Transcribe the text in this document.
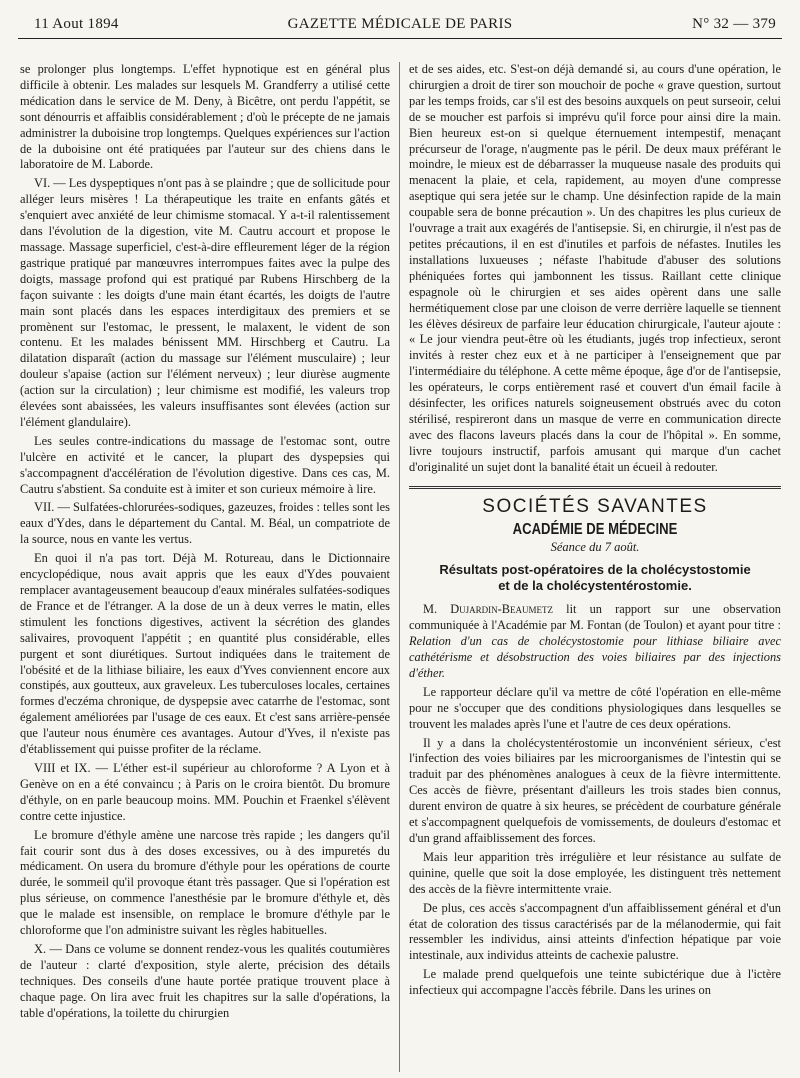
11 Aout 1894	GAZETTE MÉDICALE DE PARIS	N° 32 — 379

se prolonger plus longtemps. L'effet hypnotique est en général plus difficile à obtenir. Les malades sur lesquels M. Grandferry a utilisé cette médication dans le service de M. Deny, à Bicêtre, ont perdu l'appétit, se sont dénourris et affaiblis considérablement ; d'où le précepte de ne jamais administrer la duboisine trop longtemps. Quelques expériences sur l'action de la duboisine ont été pratiquées par l'auteur sur des chiens dans le laboratoire de M. Laborde.

VI. — Les dyspeptiques n'ont pas à se plaindre ; que de sollicitude pour alléger leurs misères ! La thérapeutique les traite en enfants gâtés et s'enquiert avec anxiété de leur chimisme stomacal. Y a-t-il ralentissement dans l'évolution de la digestion, vite M. Cautru accourt et propose le massage. Massage superficiel, c'est-à-dire effleurement léger de la région gastrique pratiqué par manœuvres interrompues faites avec la pulpe des doigts, massage profond qui est pratiqué par Rubens Hirschberg de la façon suivante : les doigts d'une main étant écartés, les doigts de l'autre main sont placés dans les espaces interdigitaux des premiers et se promènent sur l'estomac, le pressent, le malaxent, le vident de son contenu. Et les malades bénissent MM. Hirschberg et Cautru. La dilatation disparaît (action du massage sur l'élément musculaire) ; leur douleur s'apaise (action sur l'élément nerveux) ; leur diurèse augmente (action sur la circulation) ; leur chimisme est modifié, les valeurs trop élevées sont abaissées, les valeurs insuffisantes sont élevées (action sur l'élément glandulaire).

Les seules contre-indications du massage de l'estomac sont, outre l'ulcère en activité et le cancer, la plupart des dyspepsies qui s'accompagnent d'accélération de l'évolution digestive. Dans ces cas, M. Cautru s'abstient. Sa conduite est à imiter et son curieux mémoire à lire.

VII. — Sulfatées-chlorurées-sodiques, gazeuzes, froides : telles sont les eaux d'Ydes, dans le département du Cantal. M. Béal, un compatriote de la source, nous en vante les vertus.

En quoi il n'a pas tort. Déjà M. Rotureau, dans le Dictionnaire encyclopédique, nous avait appris que les eaux d'Ydes pouvaient remplacer avantageusement beaucoup d'eaux minérales sulfatées-sodiques de France et de l'étranger. A la dose de un à deux verres le matin, elles stimulent les fonctions digestives, activent la sécrétion des glandes salivaires, provoquent l'appétit ; en quantité plus considérable, elles purgent et sont diurétiques. Surtout indiquées dans le traitement de l'obésité et de la lithiase biliaire, les eaux d'Yves conviennent encore aux constipés, aux goutteux, aux graveleux. Les tuberculoses locales, certaines formes d'eczéma chronique, de dyspepsie avec catarrhe de l'estomac, sont également améliorées par l'usage de ces eaux. Et c'est sans arrière-pensée que l'auteur nous énumère ces avantages. Autour d'Yves, il n'existe pas d'établissement qui puisse profiter de la réclame.

VIII et IX. — L'éther est-il supérieur au chloroforme ? A Lyon et à Genève on en a été convaincu ; à Paris on le croira bientôt. Du bromure d'éthyle, on en parle beaucoup moins. MM. Pouchin et Fraenkel s'élèvent contre cette injustice.

Le bromure d'éthyle amène une narcose très rapide ; les dangers qu'il fait courir sont dus à des doses excessives, ou à des impuretés du médicament. On usera du bromure d'éthyle pour les opérations de courte durée, le sommeil qu'il provoque étant très passager. Que si l'opération est plus sérieuse, on commence l'anesthésie par le bromure d'éthyle et, dès que le malade est insensible, on remplace le bromure d'éthyle par le chloroforme que l'on administre suivant les règles habituelles.

X. — Dans ce volume se donnent rendez-vous les qualités coutumières de l'auteur : clarté d'exposition, style alerte, précision des détails techniques. Des conseils d'une haute portée pratique trouvent place à chaque page. On lira avec fruit les chapitres sur la salle d'opérations, la table d'opérations, la toilette du chirurgien

et de ses aides, etc. S'est-on déjà demandé si, au cours d'une opération, le chirurgien a droit de tirer son mouchoir de poche « grave question, surtout par les temps froids, car s'il est des besoins auxquels on peut surseoir, celui de se moucher est parfois si imprévu qu'il force pour ainsi dire la main. Bien heureux est-on si quelque éternuement intempestif, menaçant précurseur de l'orage, n'augmente pas le péril. De deux maux préférant le moindre, le mieux est de débarrasser la muqueuse nasale des produits qui menacent la plaie, et cela, rapidement, au moyen d'une compresse aseptique qui sera jetée sur le champ. Une désinfection rapide de la main coupable sera de bonne précaution ». Un des chapitres les plus curieux de l'ouvrage a trait aux exagérés de l'antisepsie. Si, en chirurgie, il n'est pas de petites précautions, il en est d'inutiles et parfois de néfastes. Inutiles les installations luxueuses ; néfaste l'habitude d'abuser des solutions phéniquées fortes qui jambonnent les tissus. Raillant cette clinique espagnole où le chirurgien et ses aides opèrent dans une salle hermétiquement close par une cloison de verre derrière laquelle se tiennent les élèves désireux de parfaire leur éducation chirurgicale, l'auteur ajoute : « Le jour viendra peut-être où les étudiants, jugés trop infectieux, seront invités à rester chez eux et à ne participer à l'enseignement que par l'intermédiaire du téléphone. A cette même époque, âge d'or de l'antisepsie, les opérateurs, le corps entièrement rasé et couvert d'un émail facile à désinfecter, les orifices naturels soigneusement obstrués avec du coton stérilisé, respireront dans un masque de verre en communication directe avec des flacons laveurs placés dans la cour de l'hôpital ». En somme, livre toujours instructif, parfois amusant qui marque d'un cachet d'originalité un sujet dont la banalité était un écueil à redouter.

SOCIÉTÉS SAVANTES
ACADÉMIE DE MÉDECINE
Séance du 7 août.
Résultats post-opératoires de la cholécystostomie
et de la cholécystentérostomie.

M. Dujardin-Beaumetz lit un rapport sur une observation communiquée à l'Académie par M. Fontan (de Toulon) et ayant pour titre : Relation d'un cas de cholécystostomie pour lithiase biliaire avec cathétérisme et désobstruction des voies biliaires par des injections d'éther.

Le rapporteur déclare qu'il va mettre de côté l'opération en elle-même pour ne s'occuper que des conditions physiologiques dans lesquelles se trouvent les malades après l'une et l'autre de ces deux opérations.

Il y a dans la cholécystentérostomie un inconvénient sérieux, c'est l'infection des voies biliaires par les microorganismes de l'intestin qui se traduit par des phénomènes analogues à ceux de la fièvre intermittente. Ces accès de fièvre, présentant d'ailleurs les trois stades bien connus, durent environ de quatre à six heures, se précèdent de courbature générale et s'accompagnent quelquefois de vomissements, de douleurs d'estomac et d'un grand affaiblissement des forces.

Mais leur apparition très irrégulière et leur résistance au sulfate de quinine, quelle que soit la dose employée, les distinguent très nettement des accès de la fièvre intermittente vraie.

De plus, ces accès s'accompagnent d'un affaiblissement général et d'un état de coloration des tissus caractérisés par de la mélanodermie, qui fait ressembler les individus, ainsi atteints d'infection hépatique par voie intestinale, aux individus atteints de cachexie palustre.

Le malade prend quelquefois une teinte subictérique due à l'ictère infectieux qui accompagne l'accès fébrile. Dans les urines on
